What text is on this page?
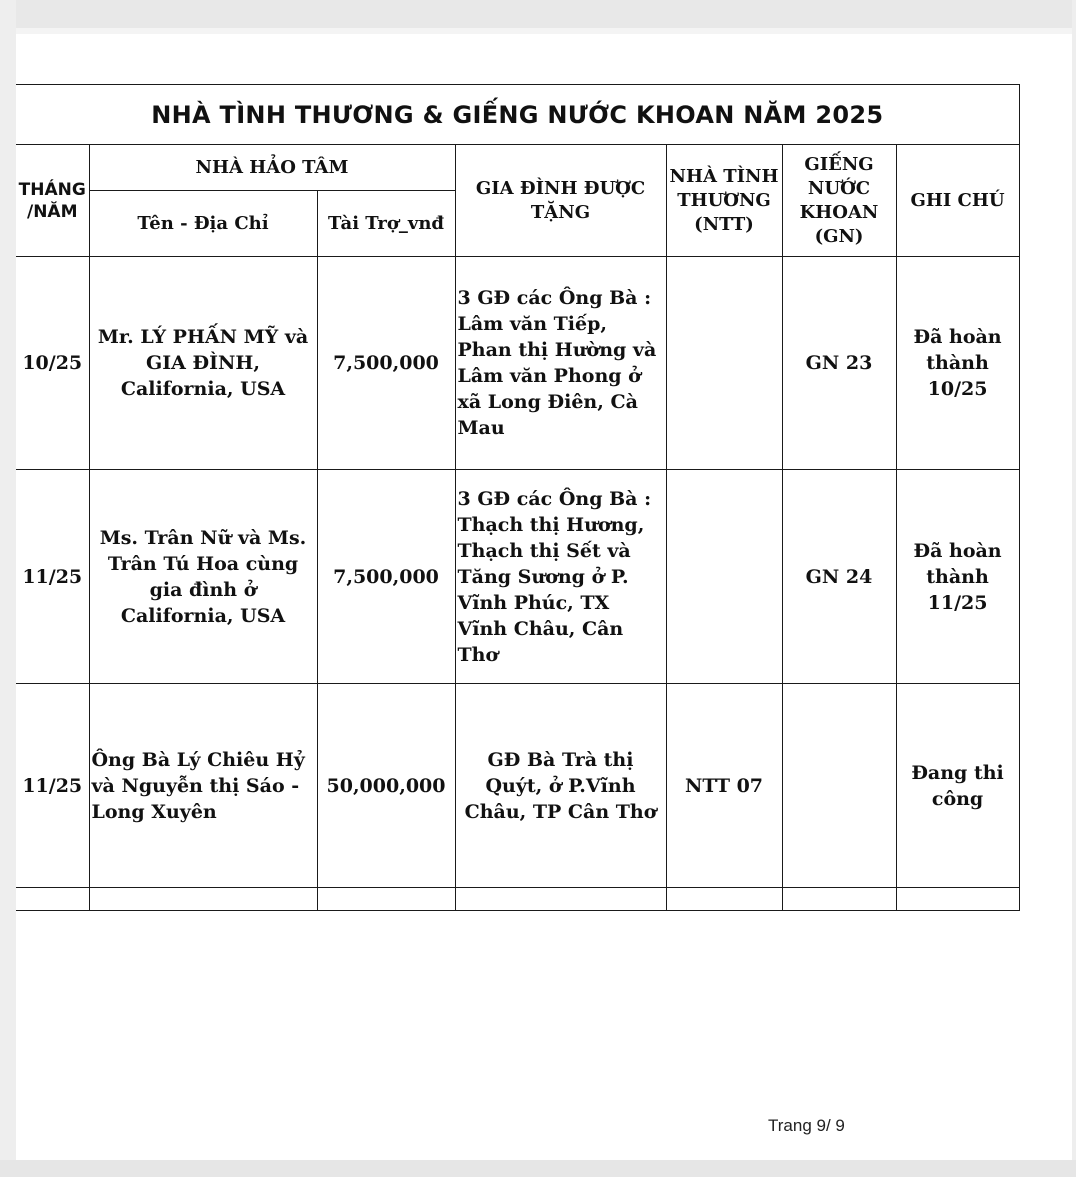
NHÀ TÌNH THƯƠNG & GIẾNG NƯỚC KHOAN NĂM 2025						
THÁNG /NĂM	NHÀ HẢO TÂM		GIA ĐÌNH ĐƯỢC TẶNG	NHÀ TÌNH THƯƠNG (NTT)	GIẾNG NƯỚC KHOAN (GN)	GHI CHÚ
	Tên - Địa Chỉ	Tài Trợ_vnđ				
10/25	Mr. LÝ PHẤN MỸ và GIA ĐÌNH, California, USA	7,500,000	3 GĐ các Ông Bà : Lâm văn Tiếp, Phan thị Hường và Lâm văn Phong ở xã Long Điên, Cà Mau		GN 23	Đã hoàn thành 10/25
11/25	Ms. Trân Nữ và Ms. Trân Tú Hoa cùng gia đình ở California, USA	7,500,000	3 GĐ các Ông Bà : Thạch thị Hương, Thạch thị Sết và Tăng Sương ở P. Vĩnh Phúc, TX Vĩnh Châu, Cân Thơ		GN 24	Đã hoàn thành 11/25
11/25	Ông Bà Lý Chiêu Hỷ và Nguyễn thị Sáo - Long Xuyên	50,000,000	GĐ Bà Trà thị Quýt, ở P.Vĩnh Châu, TP Cân Thơ	NTT 07		Đang thi công

Trang 9/ 9
